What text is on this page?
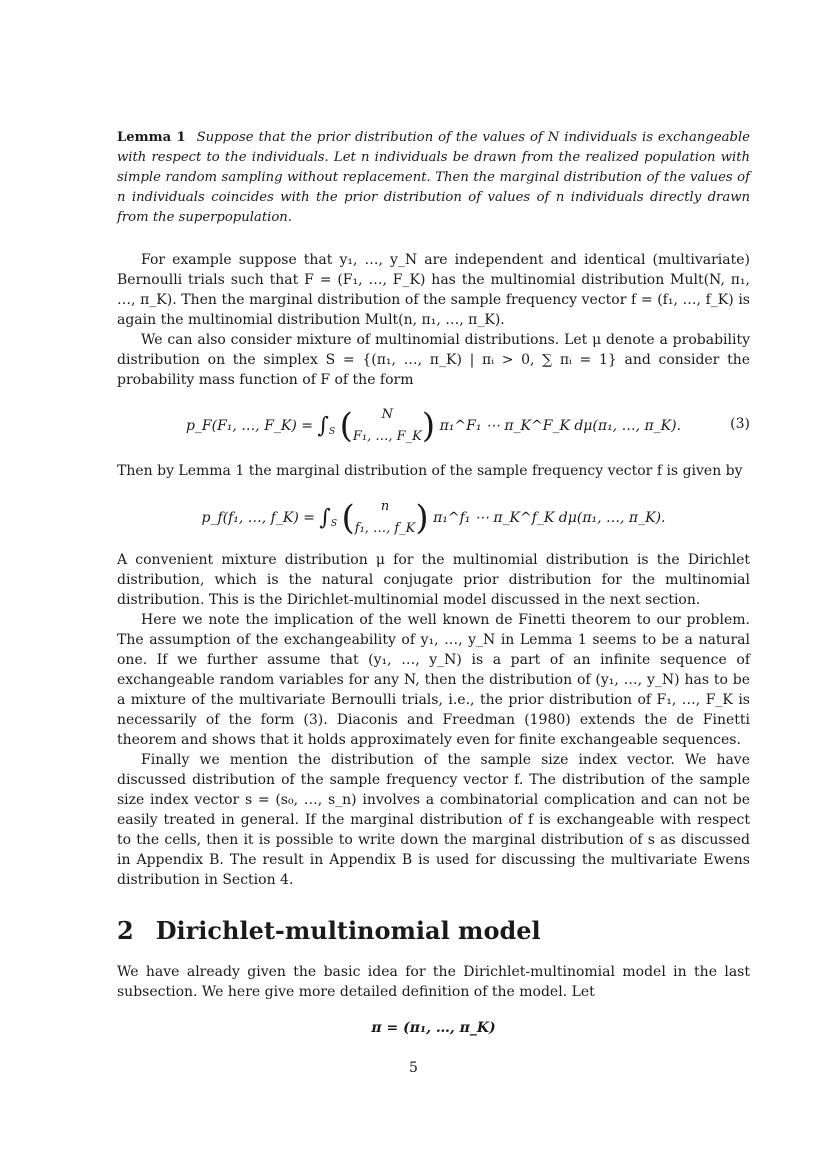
Lemma 1 Suppose that the prior distribution of the values of N individuals is exchangeable with respect to the individuals. Let n individuals be drawn from the realized population with simple random sampling without replacement. Then the marginal distribution of the values of n individuals coincides with the prior distribution of values of n individuals directly drawn from the superpopulation.

For example suppose that y₁, …, y_N are independent and identical (multivariate) Bernoulli trials such that F = (F₁, …, F_K) has the multinomial distribution Mult(N, π₁, …, π_K). Then the marginal distribution of the sample frequency vector f = (f₁, …, f_K) is again the multinomial distribution Mult(n, π₁, …, π_K).

We can also consider mixture of multinomial distributions. Let μ denote a probability distribution on the simplex S = {(π₁, …, π_K) | πᵢ > 0, ∑ πᵢ = 1} and consider the probability mass function of F of the form

p_F(F₁, …, F_K) = $\int_S$ ( N
F₁, …, F_K) π₁^F₁ ⋯ π_K^F_K dμ(π₁, …, π_K).	(3)

Then by Lemma 1 the marginal distribution of the sample frequency vector f is given by

p_f(f₁, …, f_K) = $\int_S$ ( n
f₁, …, f_K) π₁^f₁ ⋯ π_K^f_K dμ(π₁, …, π_K).

A convenient mixture distribution μ for the multinomial distribution is the Dirichlet distribution, which is the natural conjugate prior distribution for the multinomial distribution. This is the Dirichlet-multinomial model discussed in the next section.

Here we note the implication of the well known de Finetti theorem to our problem. The assumption of the exchangeability of y₁, …, y_N in Lemma 1 seems to be a natural one. If we further assume that (y₁, …, y_N) is a part of an infinite sequence of exchangeable random variables for any N, then the distribution of (y₁, …, y_N) has to be a mixture of the multivariate Bernoulli trials, i.e., the prior distribution of F₁, …, F_K is necessarily of the form (3). Diaconis and Freedman (1980) extends the de Finetti theorem and shows that it holds approximately even for finite exchangeable sequences.

Finally we mention the distribution of the sample size index vector. We have discussed distribution of the sample frequency vector f. The distribution of the sample size index vector s = (s₀, …, s_n) involves a combinatorial complication and can not be easily treated in general. If the marginal distribution of f is exchangeable with respect to the cells, then it is possible to write down the marginal distribution of s as discussed in Appendix B. The result in Appendix B is used for discussing the multivariate Ewens distribution in Section 4.

2 Dirichlet-multinomial model

We have already given the basic idea for the Dirichlet-multinomial model in the last subsection. We here give more detailed definition of the model. Let

π = (π₁, …, π_K)
5
